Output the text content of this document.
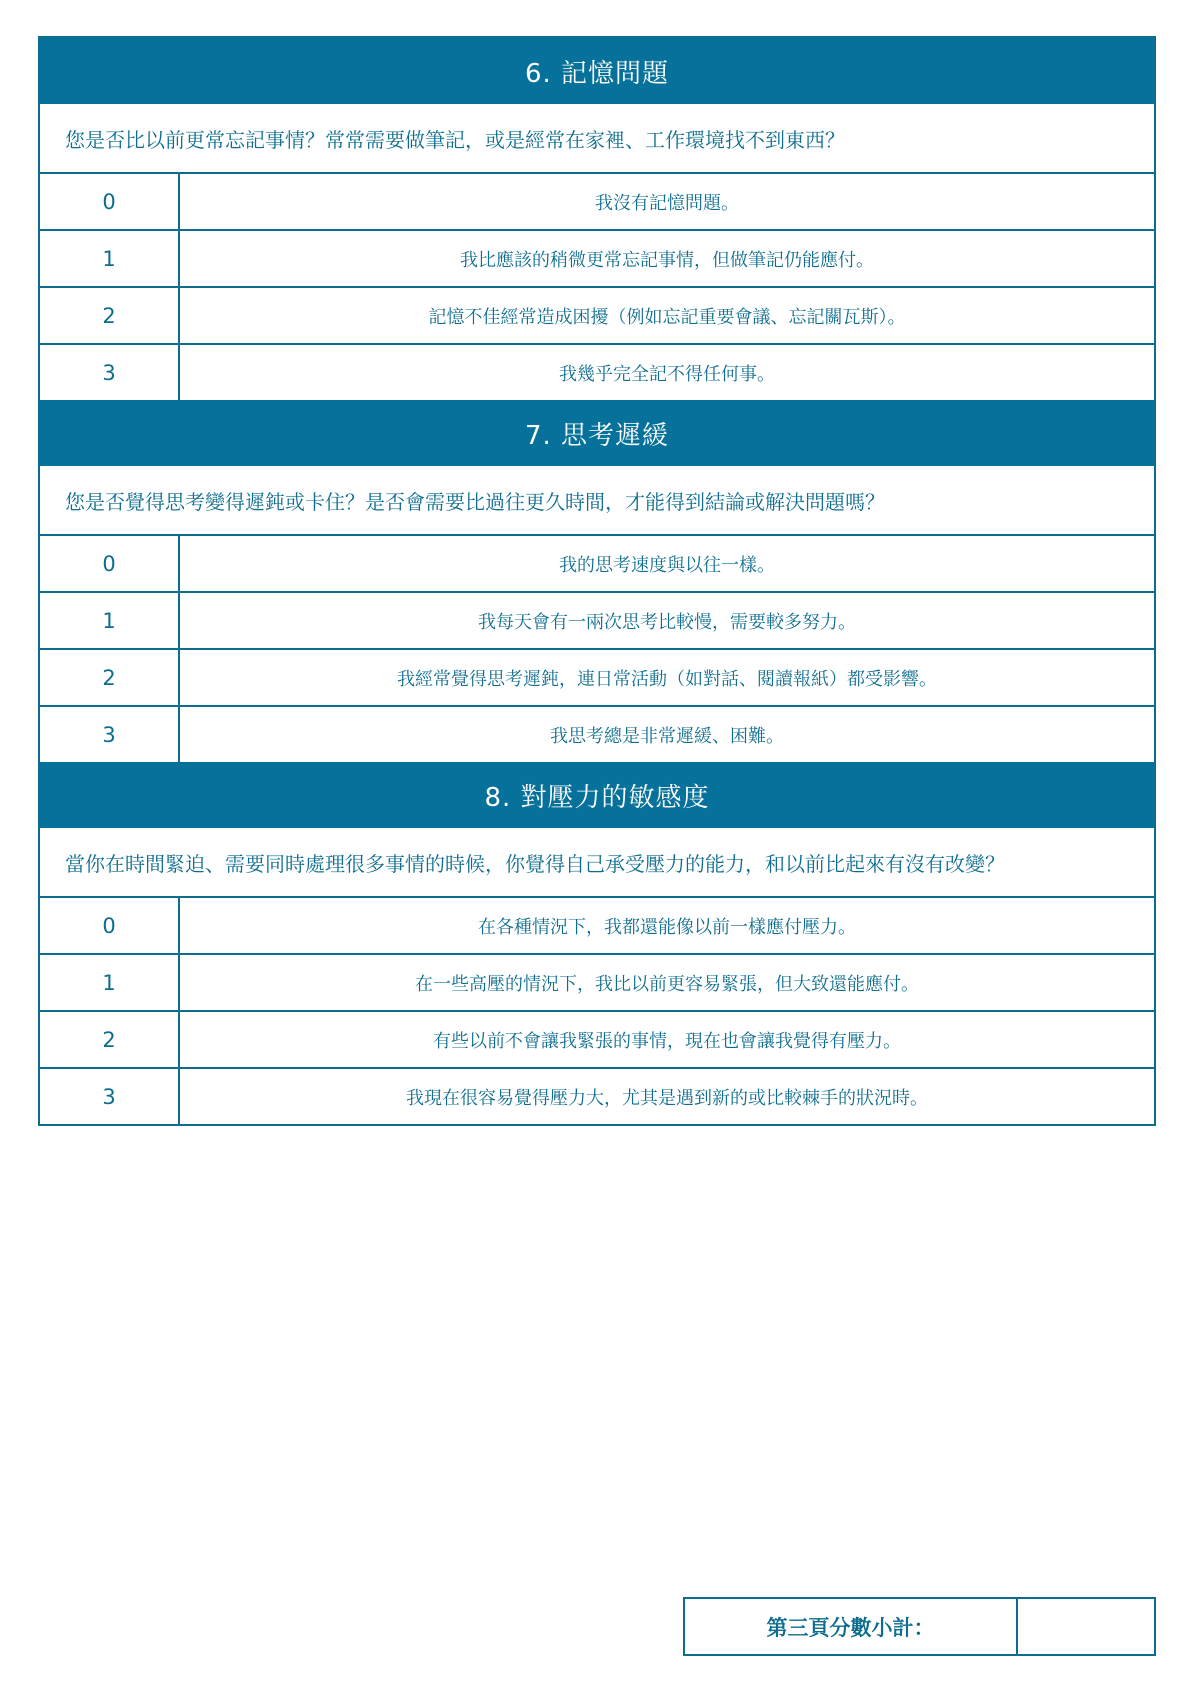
6. 記憶問題
您是否比以前更常忘記事情？常常需要做筆記，或是經常在家裡、工作環境找不到東西？
0	我沒有記憶問題。
1	我比應該的稍微更常忘記事情，但做筆記仍能應付。
2	記憶不佳經常造成困擾（例如忘記重要會議、忘記關瓦斯）。
3	我幾乎完全記不得任何事。
7. 思考遲緩
您是否覺得思考變得遲鈍或卡住？是否會需要比過往更久時間，才能得到結論或解決問題嗎？
0	我的思考速度與以往一樣。
1	我每天會有一兩次思考比較慢，需要較多努力。
2	我經常覺得思考遲鈍，連日常活動（如對話、閱讀報紙）都受影響。
3	我思考總是非常遲緩、困難。
8. 對壓力的敏感度
當你在時間緊迫、需要同時處理很多事情的時候，你覺得自己承受壓力的能力，和以前比起來有沒有改變？
0	在各種情況下，我都還能像以前一樣應付壓力。
1	在一些高壓的情況下，我比以前更容易緊張，但大致還能應付。
2	有些以前不會讓我緊張的事情，現在也會讓我覺得有壓力。
3	我現在很容易覺得壓力大，尤其是遇到新的或比較棘手的狀況時。
第三頁分數小計：
